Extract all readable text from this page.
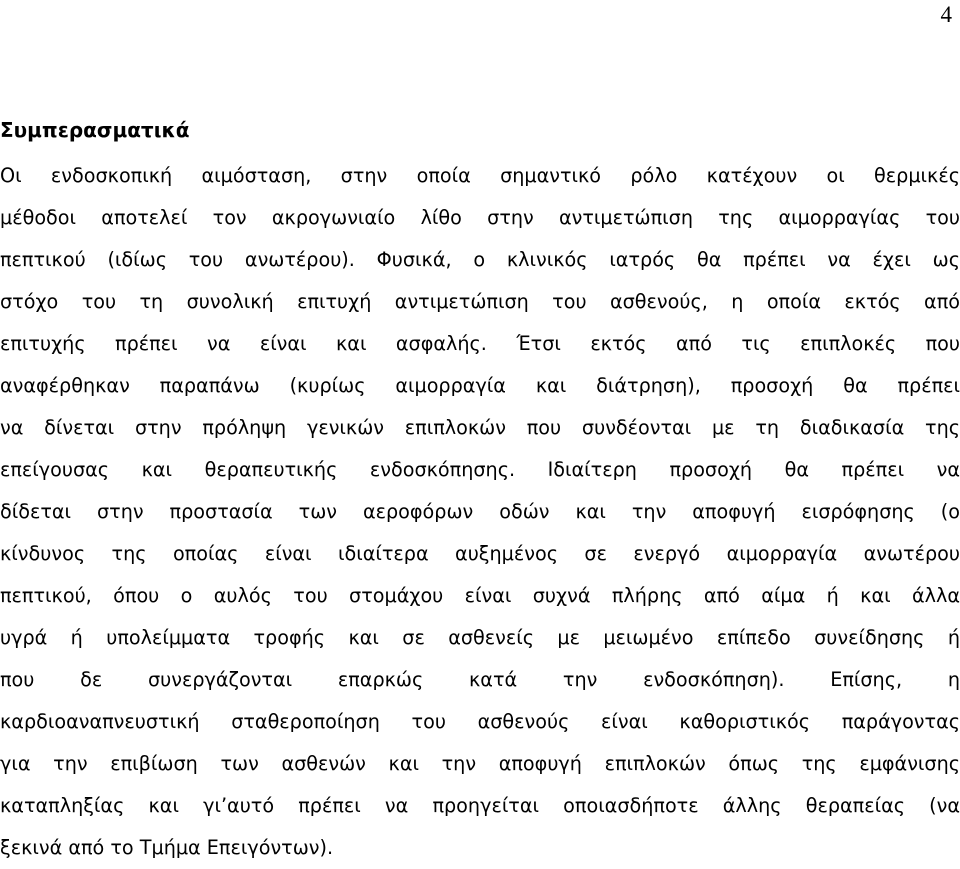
4
Συμπερασματικά
Οι ενδοσκοπική αιμόσταση, στην οποία σημαντικό ρόλο κατέχουν οι θερμικές
μέθοδοι αποτελεί τον ακρογωνιαίο λίθο στην αντιμετώπιση της αιμορραγίας του
πεπτικού (ιδίως του ανωτέρου). Φυσικά, ο κλινικός ιατρός θα πρέπει να έχει ως
στόχο του τη συνολική επιτυχή αντιμετώπιση του ασθενούς, η οποία εκτός από
επιτυχής πρέπει να είναι και ασφαλής. Έτσι εκτός από τις επιπλοκές που
αναφέρθηκαν παραπάνω (κυρίως αιμορραγία και διάτρηση), προσοχή θα πρέπει
να δίνεται στην πρόληψη γενικών επιπλοκών που συνδέονται με τη διαδικασία της
επείγουσας και θεραπευτικής ενδοσκόπησης. Ιδιαίτερη προσοχή θα πρέπει να
δίδεται στην προστασία των αεροφόρων οδών και την αποφυγή εισρόφησης (ο
κίνδυνος της οποίας είναι ιδιαίτερα αυξημένος σε ενεργό αιμορραγία ανωτέρου
πεπτικού, όπου ο αυλός του στομάχου είναι συχνά πλήρης από αίμα ή και άλλα
υγρά ή υπολείμματα τροφής και σε ασθενείς με μειωμένο επίπεδο συνείδησης ή
που δε συνεργάζονται επαρκώς κατά την ενδοσκόπηση). Επίσης, η
καρδιοαναπνευστική σταθεροποίηση του ασθενούς είναι καθοριστικός παράγοντας
για την επιβίωση των ασθενών και την αποφυγή επιπλοκών όπως της εμφάνισης
καταπληξίας και γι’αυτό πρέπει να προηγείται οποιασδήποτε άλλης θεραπείας (να
ξεκινά από το Τμήμα Επειγόντων).
